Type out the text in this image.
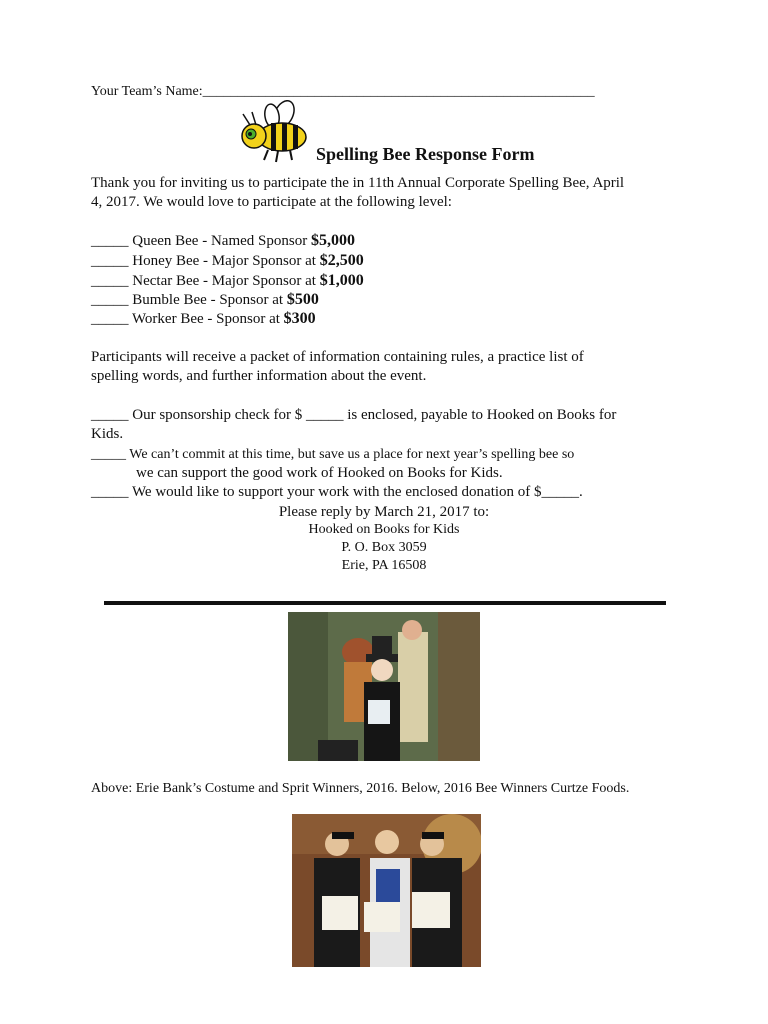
Your Team’s Name:________________________________________________________
Spelling Bee Response Form
Thank you for inviting us to participate the in 11th Annual Corporate Spelling Bee, April
4, 2017. We would love to participate at the following level:
_____ Queen Bee - Named Sponsor $5,000
_____ Honey Bee - Major Sponsor at $2,500
_____ Nectar Bee - Major Sponsor at $1,000
_____ Bumble Bee - Sponsor at $500
_____ Worker Bee - Sponsor at $300
Participants will receive a packet of information containing rules, a practice list of
spelling words, and further information about the event.
_____ Our sponsorship check for $ _____ is enclosed, payable to Hooked on Books for
Kids.
_____ We can’t commit at this time, but save us a place for next year’s spelling bee so
we can support the good work of Hooked on Books for Kids.
_____ We would like to support your work with the enclosed donation of $_____.
Please reply by March 21, 2017 to:
Hooked on Books for Kids
P. O. Box 3059
Erie, PA 16508
Above: Erie Bank’s Costume and Sprit Winners, 2016. Below, 2016 Bee Winners Curtze Foods.
